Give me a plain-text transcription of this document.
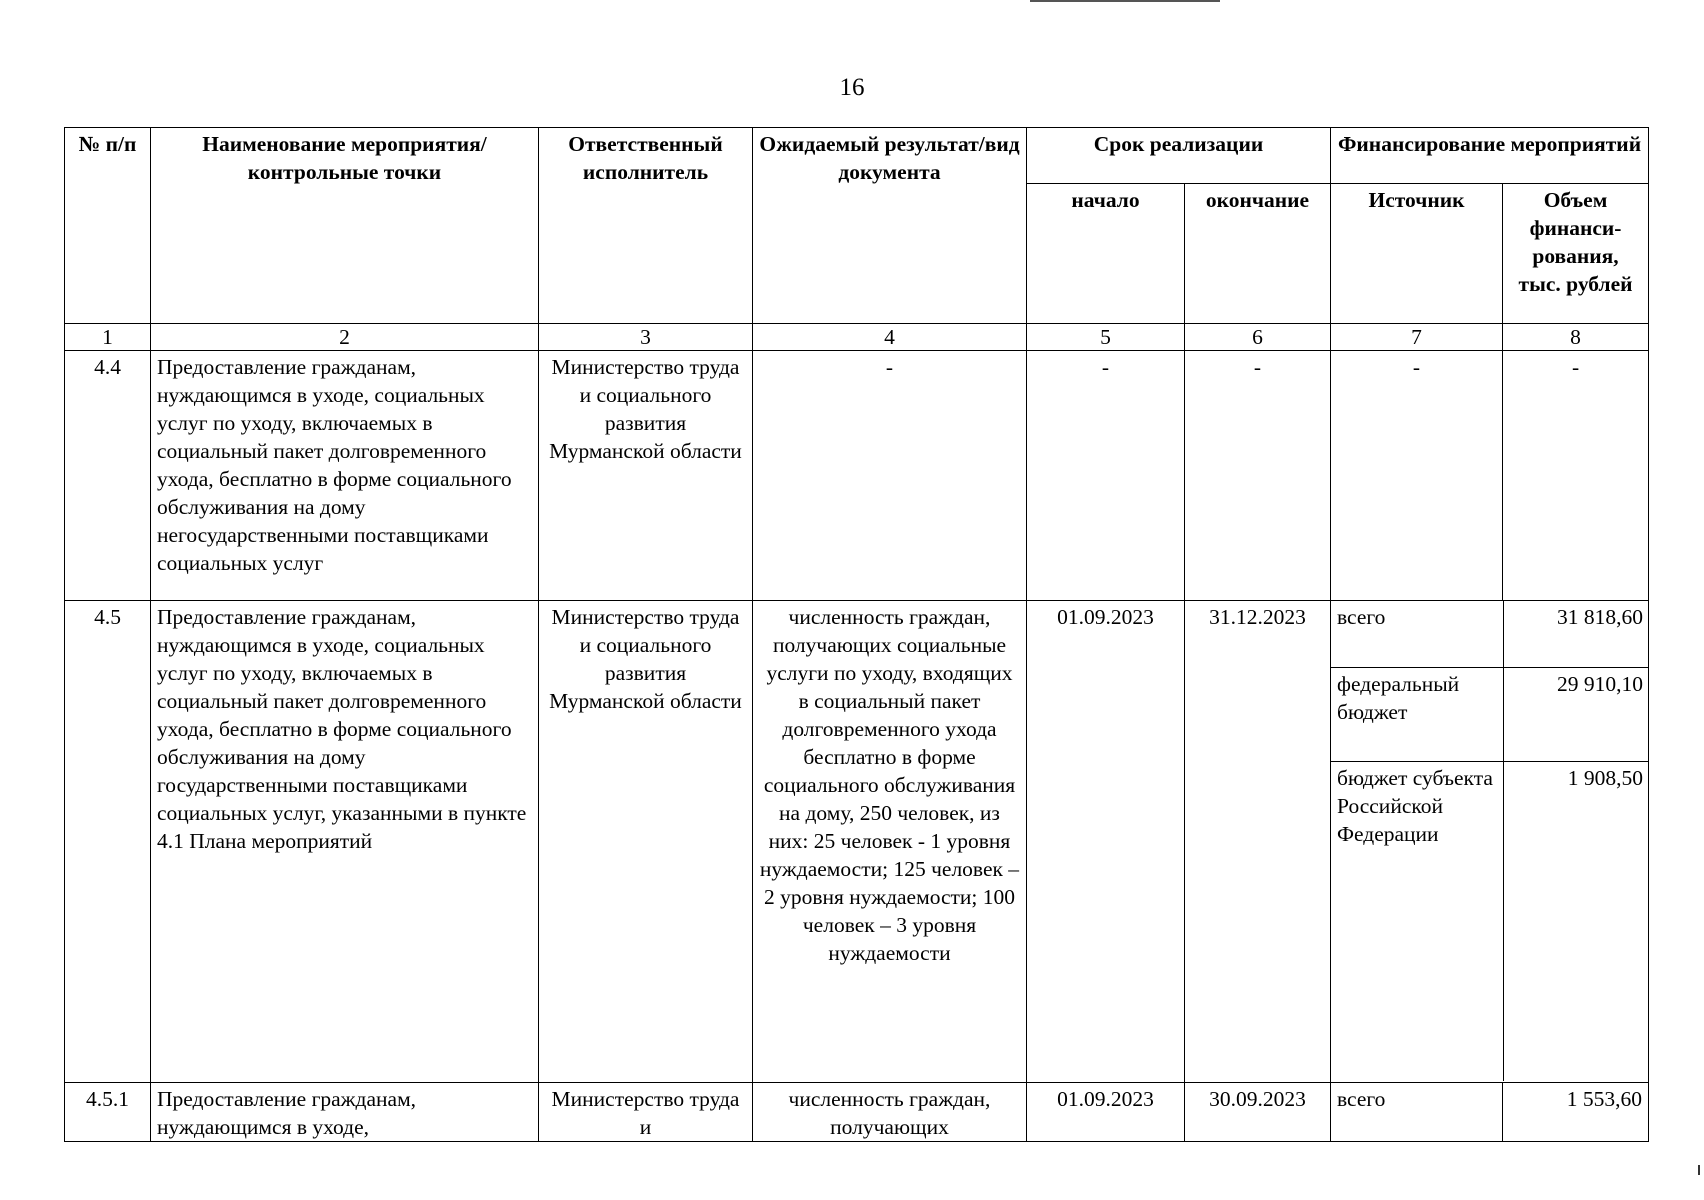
16
№ п/п	Наименование мероприятия/ контрольные точки	Ответственный исполнитель	Ожидаемый результат/вид документа	Срок реализации	Финансирование мероприятий
начало	окончание	Источник	Объем финанси-рования, тыс. рублей
1	2	3	4	5	6	7	8
4.4	Предоставление гражданам, нуждающимся в уходе, социальных услуг по уходу, включаемых в социальный пакет долговременного ухода, бесплатно в форме социального обслуживания на дому негосударственными поставщиками социальных услуг	Министерство труда и социального развития Мурманской области	-	-	-	-	-
4.5	Предоставление гражданам, нуждающимся в уходе, социальных услуг по уходу, включаемых в социальный пакет долговременного ухода, бесплатно в форме социального обслуживания на дому государственными поставщиками социальных услуг, указанными в пункте 4.1 Плана мероприятий	Министерство труда и социального развития Мурманской области	численность граждан, получающих социальные услуги по уходу, входящих в социальный пакет долговременного ухода бесплатно в форме социального обслуживания на дому, 250 человек, из них: 25 человек - 1 уровня нуждаемости; 125 человек – 2 уровня нуждаемости; 100 человек – 3 уровня нуждаемости	01.09.2023	31.12.2023	всего	31 818,60
федеральный бюджет	29 910,10
бюджет субъекта Российской Федерации	1 908,50

4.5.1	Предоставление гражданам, нуждающимся в уходе,	Министерство труда и	численность граждан, получающих	01.09.2023	30.09.2023	всего	1 553,60
